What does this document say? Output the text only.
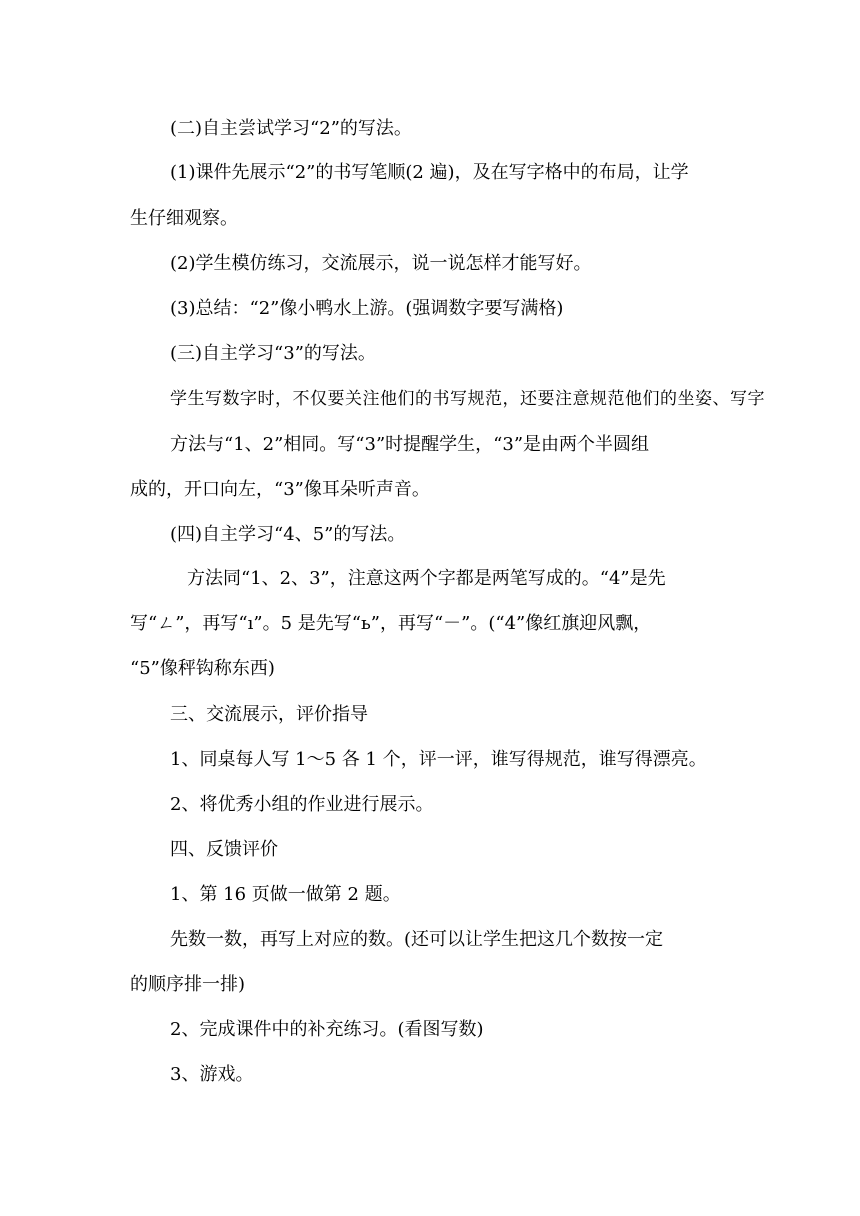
(二)自主尝试学习“2”的写法。
(1)课件先展示“2”的书写笔顺(2 遍)，及在写字格中的布局，让学
生仔细观察。
(2)学生模仿练习，交流展示，说一说怎样才能写好。
(3)总结：“2”像小鸭水上游。(强调数字要写满格)
(三)自主学习“3”的写法。
学生写数字时，不仅要关注他们的书写规范，还要注意规范他们的坐姿、写字
方法与“1、2”相同。写“3”时提醒学生，“3”是由两个半圆组
成的，开口向左，“3”像耳朵听声音。
(四)自主学习“4、5”的写法。
方法同“1、2、3”，注意这两个字都是两笔写成的。“4”是先
写“ㄥ”，再写“ı”。5 是先写“ь”，再写“－”。(“4”像红旗迎风飘，
“5”像秤钩称东西)
三、交流展示，评价指导
1、同桌每人写 1～5 各 1 个，评一评，谁写得规范，谁写得漂亮。
2、将优秀小组的作业进行展示。
四、反馈评价
1、第 16 页做一做第 2 题。
先数一数，再写上对应的数。(还可以让学生把这几个数按一定
的顺序排一排)
2、完成课件中的补充练习。(看图写数)
3、游戏。
